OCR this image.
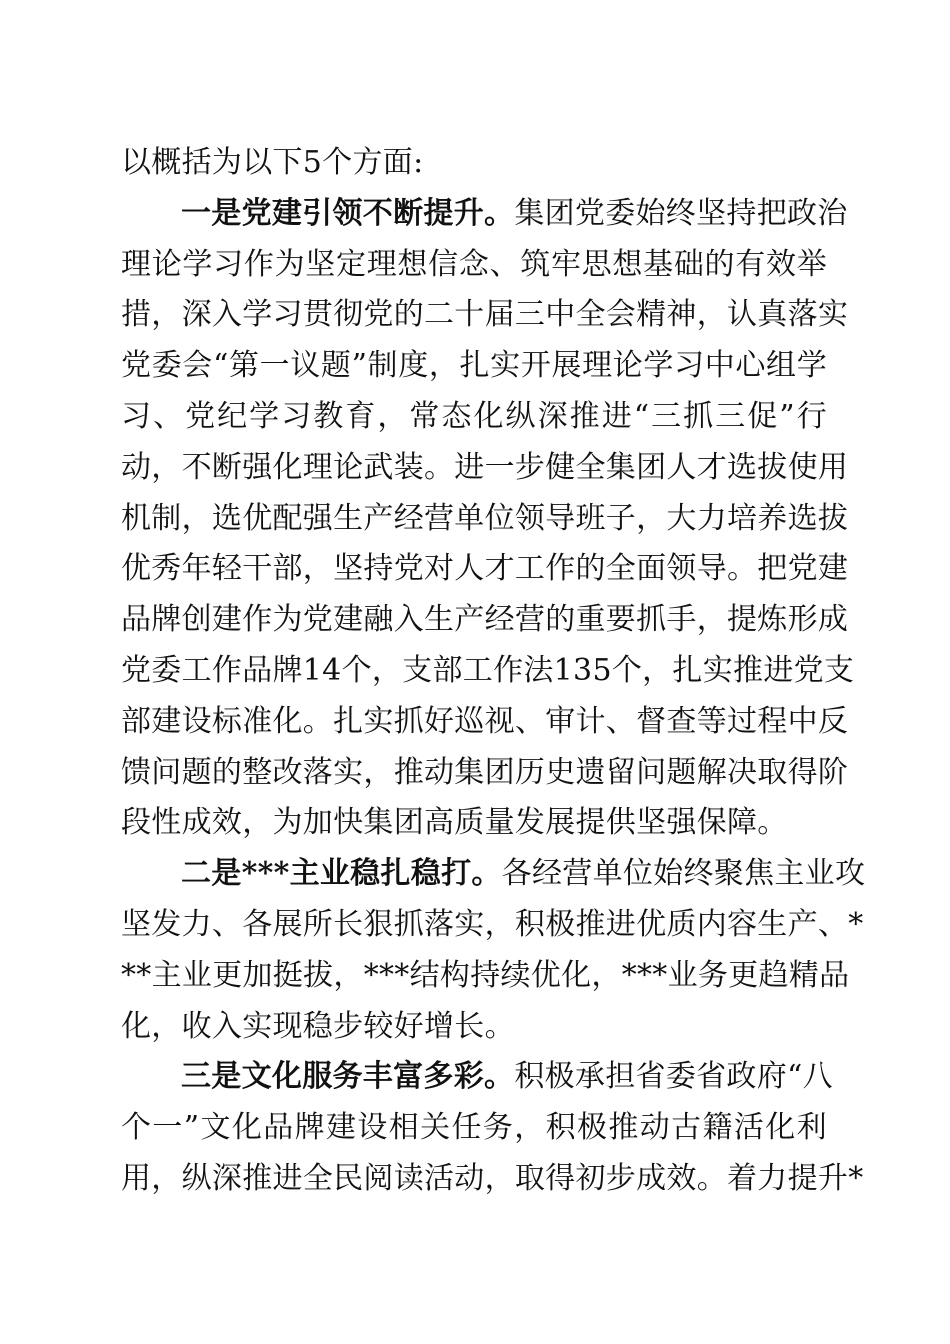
以概括为以下5个方面:

一是党建引领不断提升。集团党委始终坚持把政治
理论学习作为坚定理想信念、筑牢思想基础的有效举
措，深入学习贯彻党的二十届三中全会精神，认真落实
党委会“第一议题”制度，扎实开展理论学习中心组学
习、党纪学习教育，常态化纵深推进“三抓三促”行
动，不断强化理论武装。进一步健全集团人才选拔使用
机制，选优配强生产经营单位领导班子，大力培养选拔
优秀年轻干部，坚持党对人才工作的全面领导。把党建
品牌创建作为党建融入生产经营的重要抓手，提炼形成
党委工作品牌14个，支部工作法135个，扎实推进党支
部建设标准化。扎实抓好巡视、审计、督查等过程中反
馈问题的整改落实，推动集团历史遗留问题解决取得阶
段性成效，为加快集团高质量发展提供坚强保障。

二是***主业稳扎稳打。各经营单位始终聚焦主业攻
坚发力、各展所长狠抓落实，积极推进优质内容生产、*
**主业更加挺拔，***结构持续优化，***业务更趋精品
化，收入实现稳步较好增长。

三是文化服务丰富多彩。积极承担省委省政府“八
个一”文化品牌建设相关任务，积极推动古籍活化利
用，纵深推进全民阅读活动，取得初步成效。着力提升*
